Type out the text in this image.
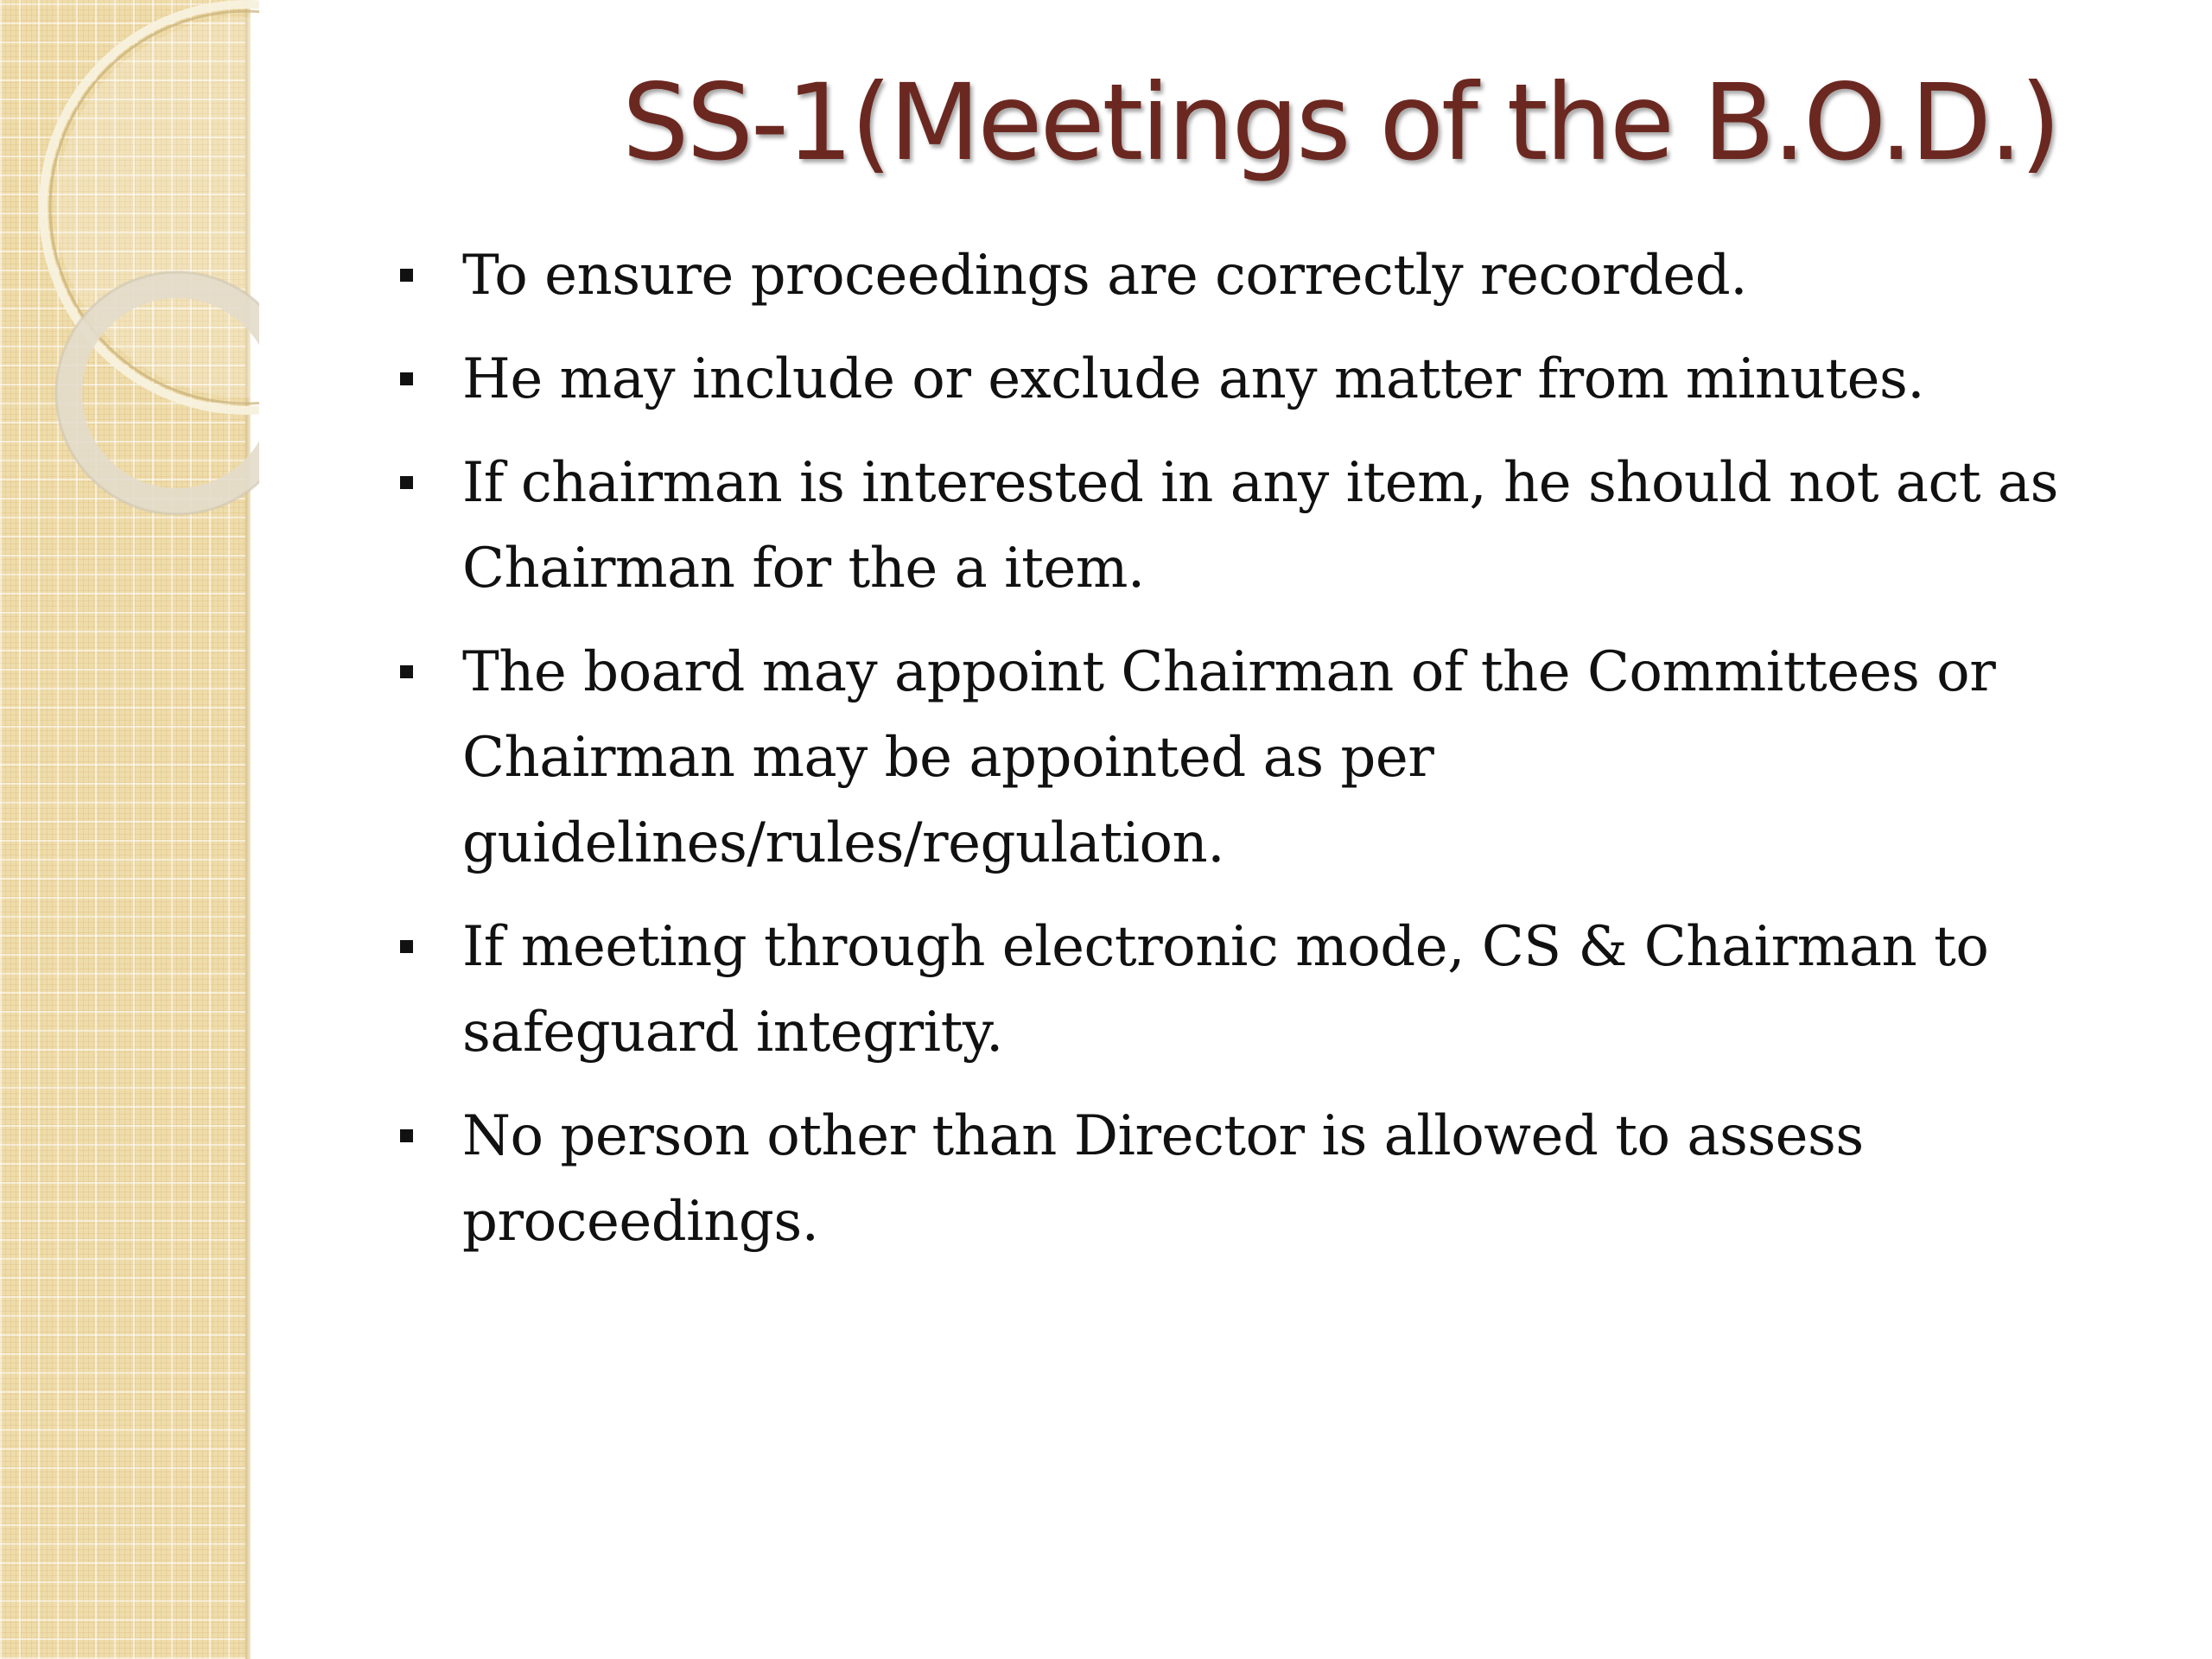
SS-1(Meetings of the B.O.D.)
To ensure proceedings are correctly recorded.
He may include or exclude any matter from minutes.
If chairman is interested in any item, he should not act as Chairman for the a item.
The board may appoint Chairman of the Committees or Chairman may be appointed as per guidelines/rules/regulation.
If meeting through electronic mode, CS & Chairman to safeguard integrity.
No person other than Director is allowed to assess proceedings.
